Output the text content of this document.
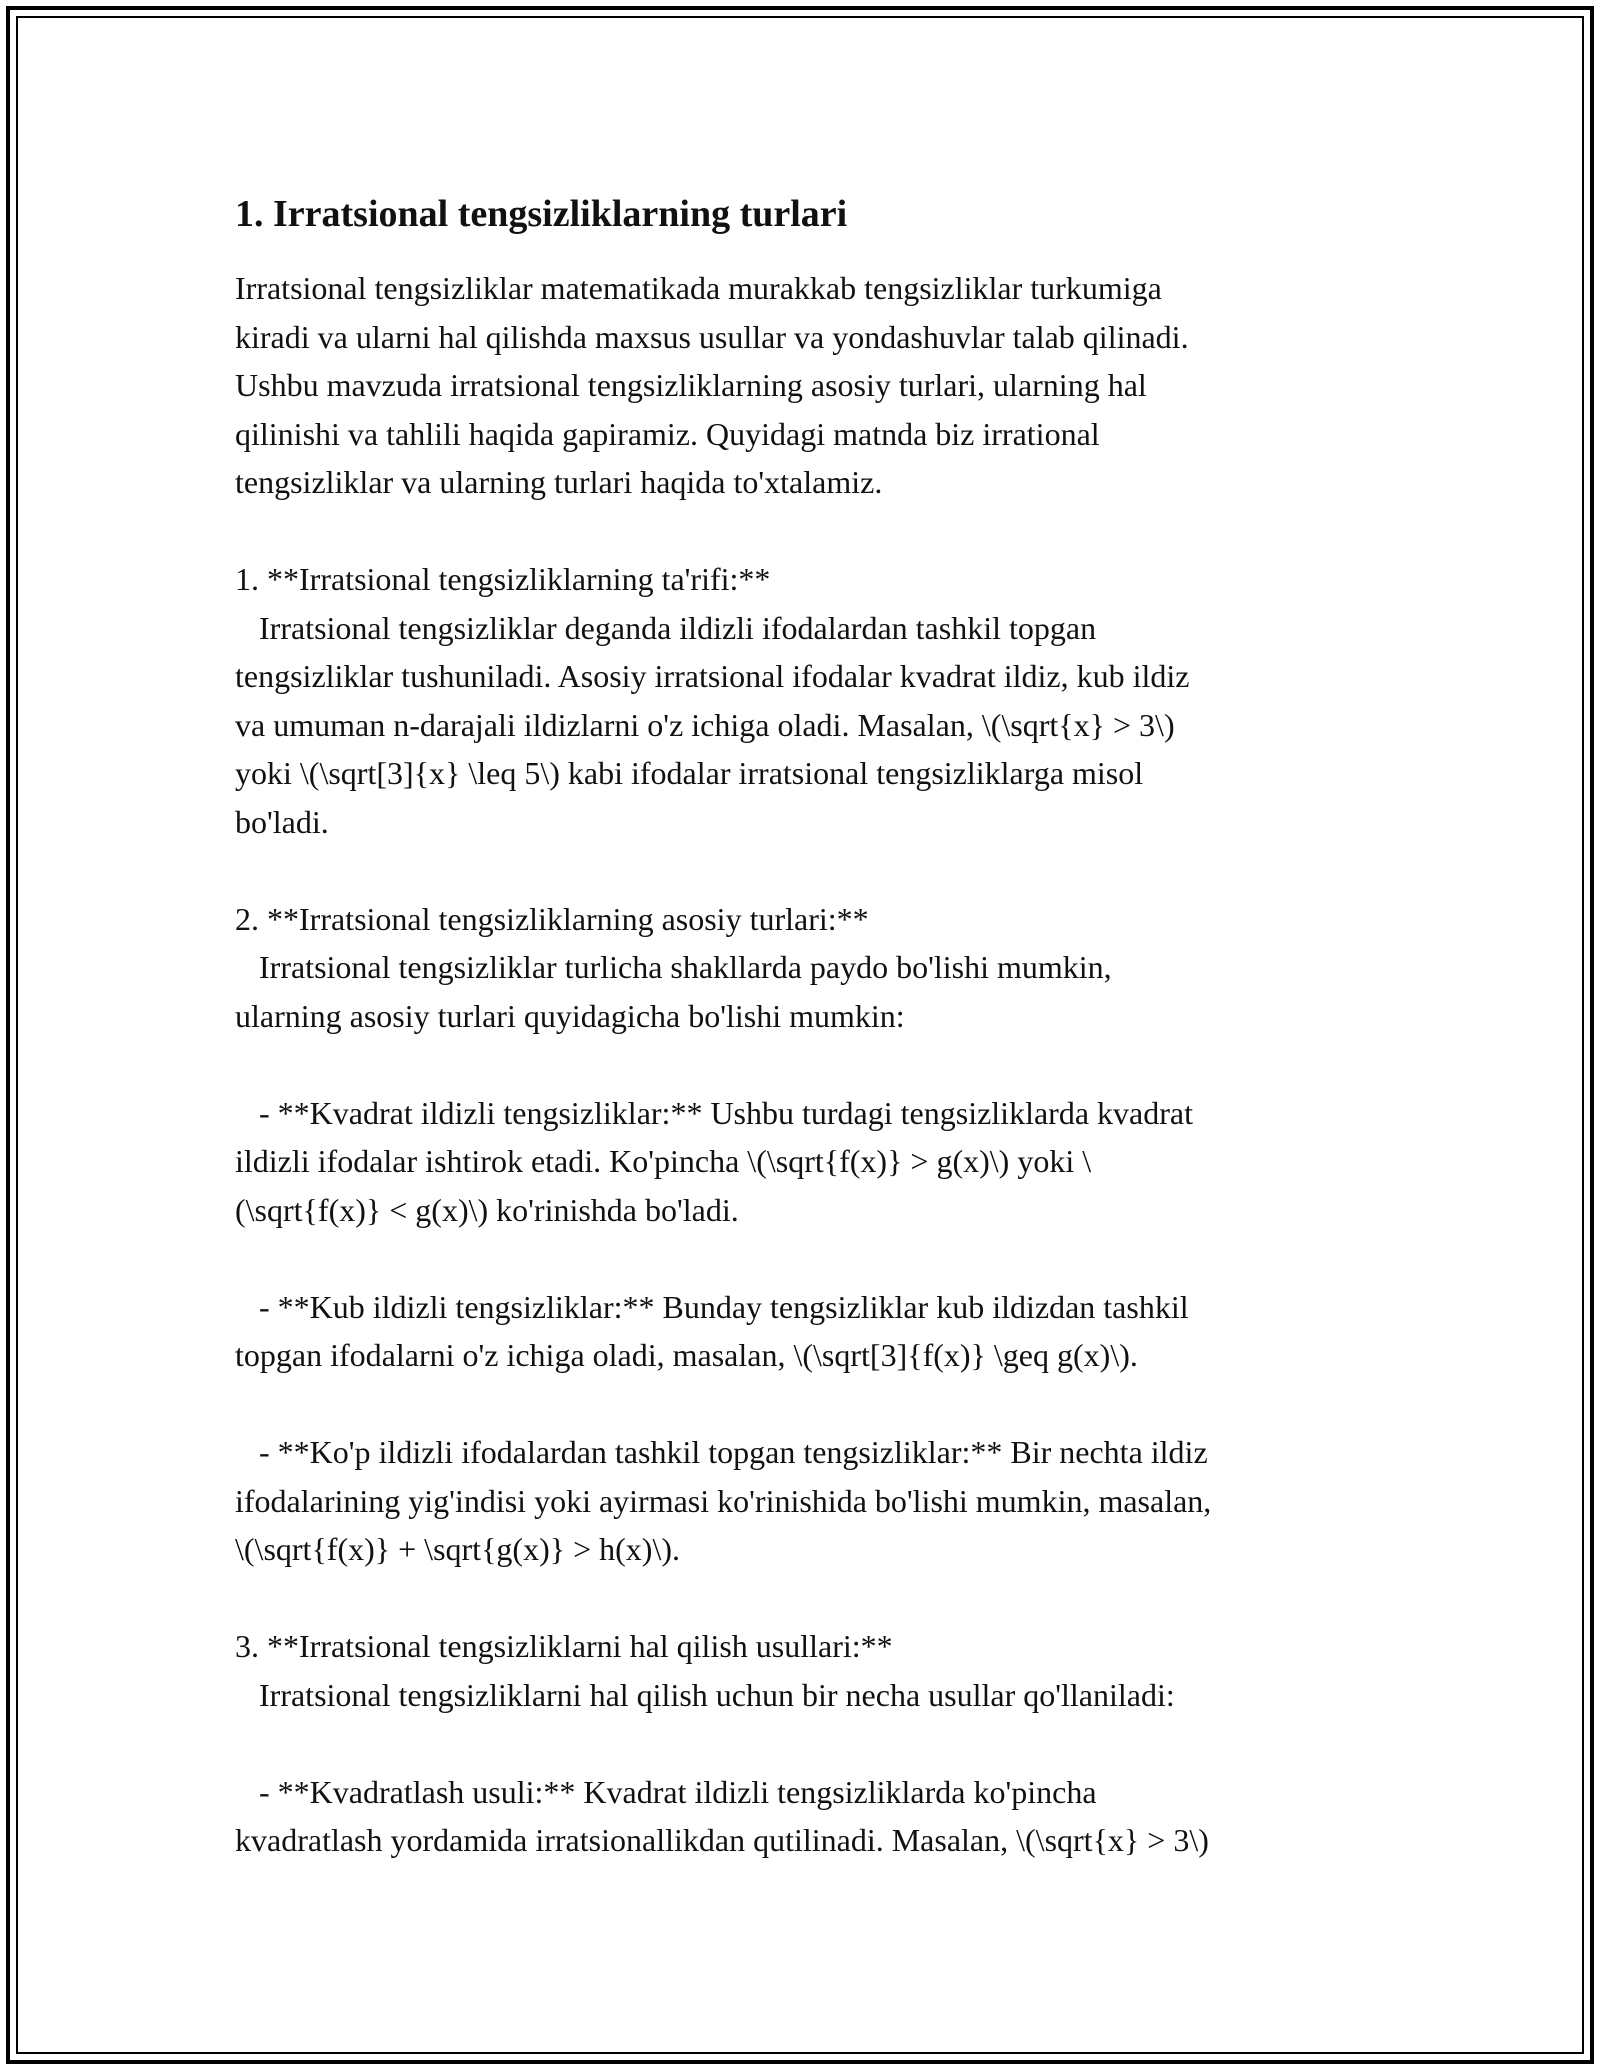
1. Irratsional tengsizliklarning turlari

Irratsional tengsizliklar matematikada murakkab tengsizliklar turkumiga
kiradi va ularni hal qilishda maxsus usullar va yondashuvlar talab qilinadi.
Ushbu mavzuda irratsional tengsizliklarning asosiy turlari, ularning hal
qilinishi va tahlili haqida gapiramiz. Quyidagi matnda biz irrational
tengsizliklar va ularning turlari haqida to'xtalamiz.

1. **Irratsional tengsizliklarning ta'rifi:**
Irratsional tengsizliklar deganda ildizli ifodalardan tashkil topgan
tengsizliklar tushuniladi. Asosiy irratsional ifodalar kvadrat ildiz, kub ildiz
va umuman n-darajali ildizlarni o'z ichiga oladi. Masalan, \(\sqrt{x} > 3\)
yoki \(\sqrt[3]{x} \leq 5\) kabi ifodalar irratsional tengsizliklarga misol
bo'ladi.

2. **Irratsional tengsizliklarning asosiy turlari:**
Irratsional tengsizliklar turlicha shakllarda paydo bo'lishi mumkin,
ularning asosiy turlari quyidagicha bo'lishi mumkin:

- **Kvadrat ildizli tengsizliklar:** Ushbu turdagi tengsizliklarda kvadrat
ildizli ifodalar ishtirok etadi. Ko'pincha \(\sqrt{f(x)} > g(x)\) yoki \
(\sqrt{f(x)} < g(x)\) ko'rinishda bo'ladi.

- **Kub ildizli tengsizliklar:** Bunday tengsizliklar kub ildizdan tashkil
topgan ifodalarni o'z ichiga oladi, masalan, \(\sqrt[3]{f(x)} \geq g(x)\).

- **Ko'p ildizli ifodalardan tashkil topgan tengsizliklar:** Bir nechta ildiz
ifodalarining yig'indisi yoki ayirmasi ko'rinishida bo'lishi mumkin, masalan,
\(\sqrt{f(x)} + \sqrt{g(x)} > h(x)\).

3. **Irratsional tengsizliklarni hal qilish usullari:**
Irratsional tengsizliklarni hal qilish uchun bir necha usullar qo'llaniladi:

- **Kvadratlash usuli:** Kvadrat ildizli tengsizliklarda ko'pincha
kvadratlash yordamida irratsionallikdan qutilinadi. Masalan, \(\sqrt{x} > 3\)
